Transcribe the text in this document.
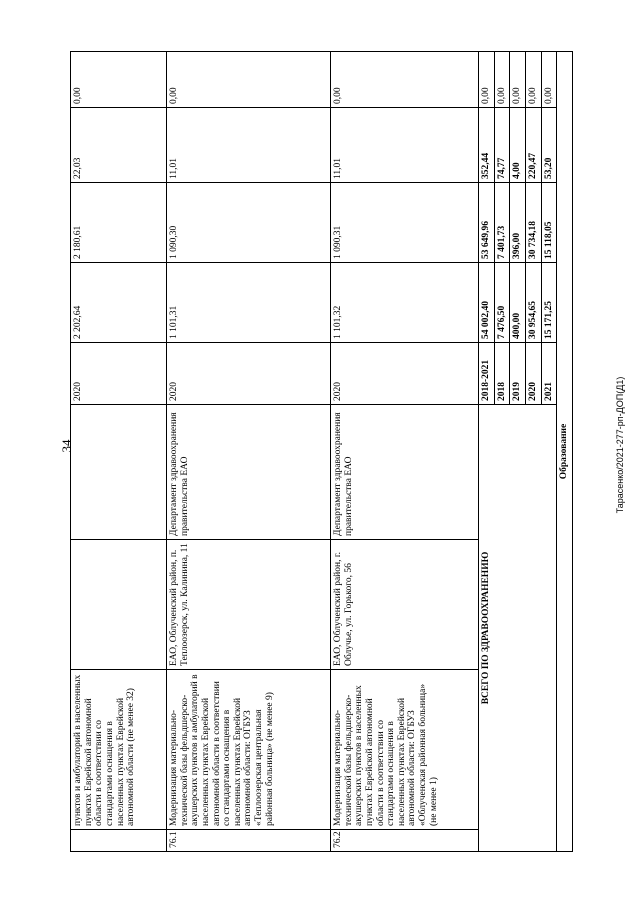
34	Тарасенко/2021-277-рп-ДОП(Д1)
	пунктов и амбулаторий в населенных пунктах Еврейской автономной области в соответствии со стандартами оснащения в населенных пунктах Еврейской автономной области (не менее 32)			2020	2 202,64	2 180,61	22,03	0,00
76.1	Модернизация материально-технической базы фельдшерско-акушерских пунктов и амбулаторий в населенных пунктах Еврейской автономной области в соответствии со стандартами оснащения в населенных пунктах Еврейской автономной области: ОГБУЗ «Теплоозерская центральная районная больница» (не менее 9)	ЕАО, Облученский район, п. Теплоозерск, ул. Калинина, 11	Департамент здравоохранения правительства ЕАО	2020	1 101,31	1 090,30	11,01	0,00
76.2	Модернизация материально-технической базы фельдшерско-акушерских пунктов в населенных пунктах Еврейской автономной области в соответствии со стандартами оснащения в населенных пунктах Еврейской автономной области: ОГБУЗ «Облученская районная больница» (не менее 1)	ЕАО, Облученский район, г. Облучье, ул. Горького, 56	Департамент здравоохранения правительства ЕАО	2020	1 101,32	1 090,31	11,01	0,00
ВСЕГО ПО ЗДРАВООХРАНЕНИЮ				2018-2021	54 002,40	53 649,96	352,44	0,00
				2018	7 476,50	7 401,73	74,77	0,00
				2019	400,00	396,00	4,00	0,00
				2020	30 954,65	30 734,18	220,47	0,00
				2021	15 171,25	15 118,05	53,20	0,00
Образование								
